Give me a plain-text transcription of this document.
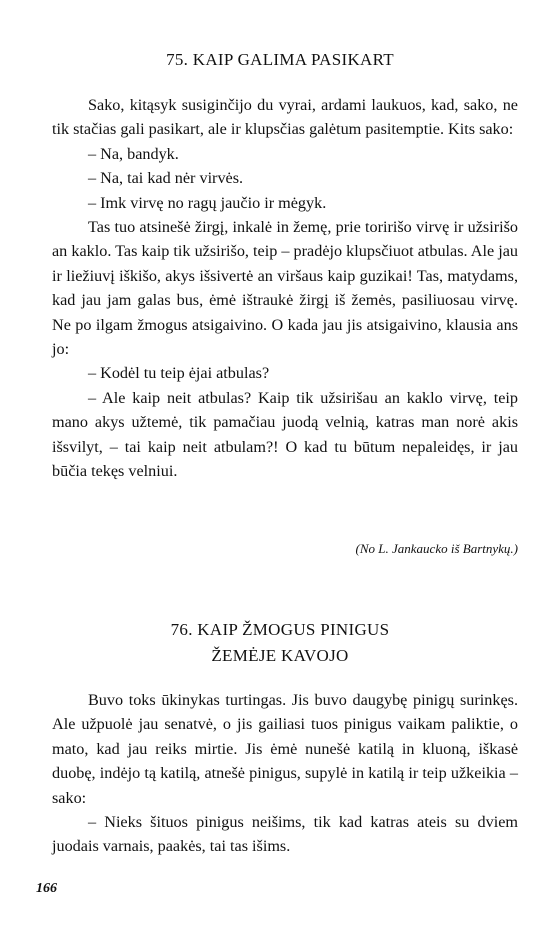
75. KAIP GALIMA PASIKART

Sako, kitąsyk susiginčijo du vyrai, ardami laukuos, kad, sako, ne tik stačias gali pasikart, ale ir klupsčias galėtum pasitemptie. Kits sako:

– Na, bandyk.

– Na, tai kad nėr virvės.

– Imk virvę no ragų jaučio ir mėgyk.

Tas tuo atsinešė žirgį, inkalė in žemę, prie toririšo virvę ir užsirišo an kaklo. Tas kaip tik užsirišo, teip – pradėjo klupsčiuot atbulas. Ale jau ir liežiuvį iškišo, akys išsivertė an viršaus kaip guzikai! Tas, matydams, kad jau jam galas bus, ėmė ištraukė žirgį iš žemės, pasiliuosau virvę. Ne po ilgam žmogus atsigaivino. O kada jau jis atsigaivino, klausia ans jo:

– Kodėl tu teip ėjai atbulas?

– Ale kaip neit atbulas? Kaip tik užsirišau an kaklo virvę, teip mano akys užtemė, tik pamačiau juodą velnią, katras man norė akis išsvilyt, – tai kaip neit atbulam?! O kad tu būtum nepaleidęs, ir jau būčia tekęs velniui.

(No L. Jankaucko iš Bartnykų.)
76. KAIP ŽMOGUS PINIGUS
ŽEMĖJE KAVOJO

Buvo toks ūkinykas turtingas. Jis buvo daugybę pinigų surinkęs. Ale užpuolė jau senatvė, o jis gailiasi tuos pinigus vaikam paliktie, o mato, kad jau reiks mirtie. Jis ėmė nunešė katilą in kluoną, iškasė duobę, indėjo tą katilą, atnešė pinigus, supylė in katilą ir teip užkeikia – sako:

– Nieks šituos pinigus neišims, tik kad katras ateis su dviem juodais varnais, paakės, tai tas išims.

166
